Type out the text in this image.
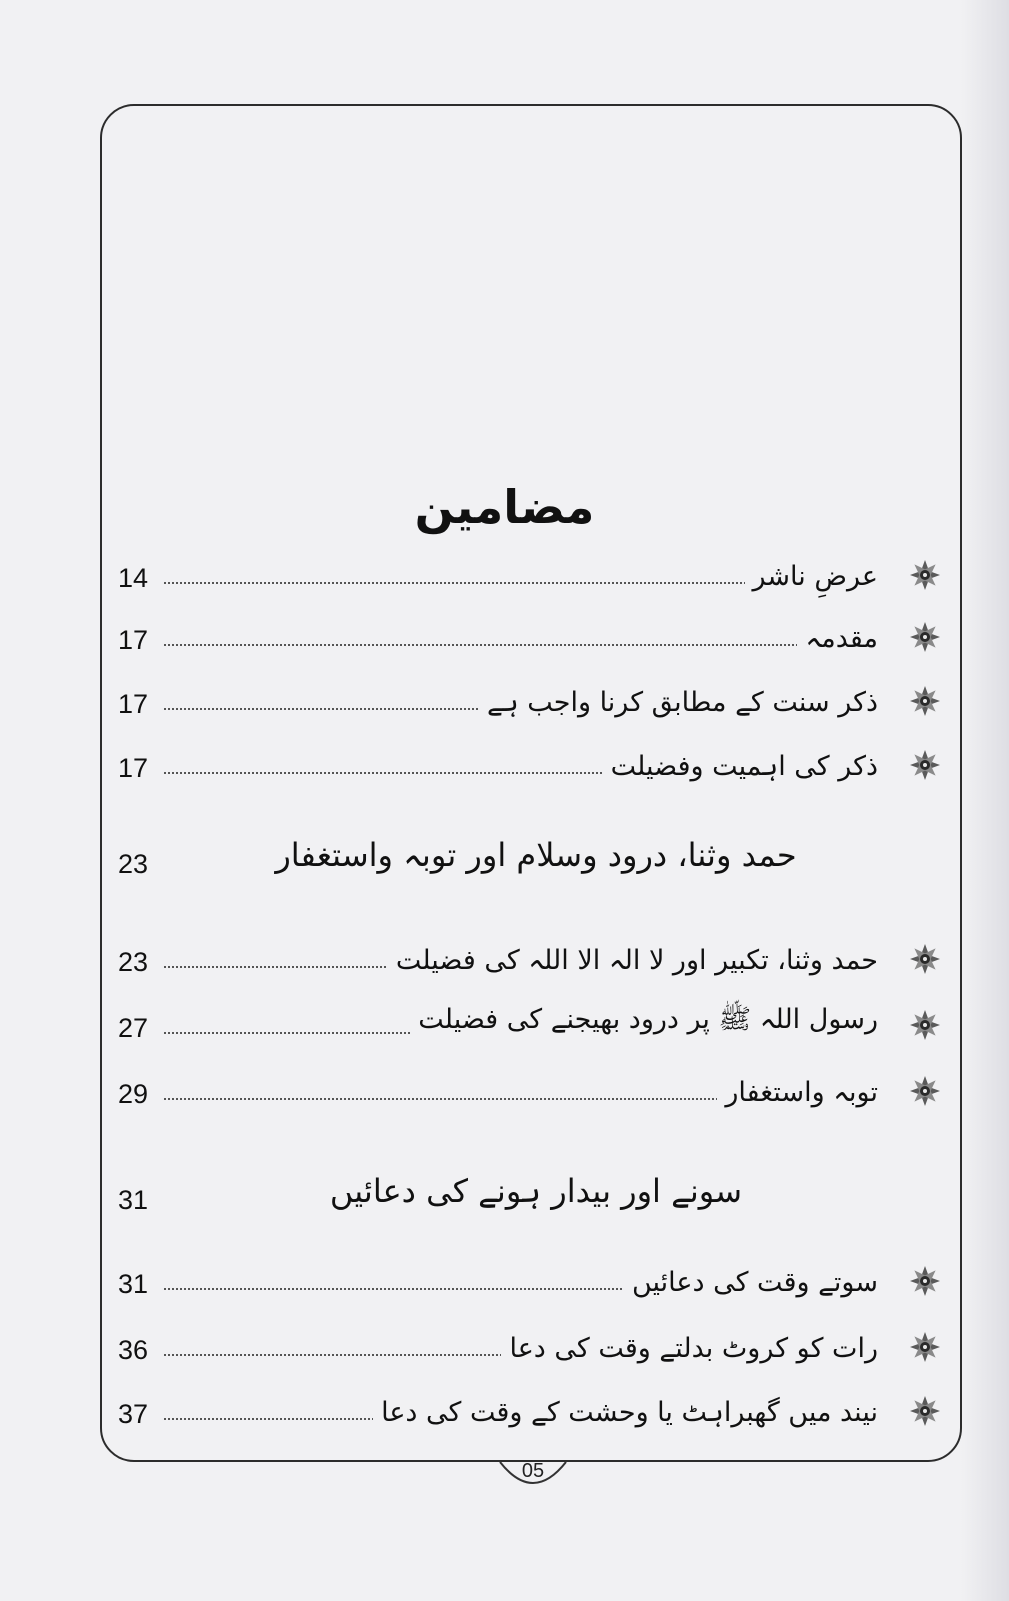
مضامین
14	عرضِ ناشر
17	مقدمہ
17	ذکر سنت کے مطابق کرنا واجب ہے
17	ذکر کی اہمیت وفضیلت
23	حمد وثنا، درود وسلام اور توبہ واستغفار
23	حمد وثنا، تکبیر اور لا الہ الا اللہ کی فضیلت
27	رسول اللہ ﷺ پر درود بھیجنے کی فضیلت
29	توبہ واستغفار
31	سونے اور بیدار ہونے کی دعائیں
31	سوتے وقت کی دعائیں
36	رات کو کروٹ بدلتے وقت کی دعا
37	نیند میں گھبراہٹ یا وحشت کے وقت کی دعا
05
